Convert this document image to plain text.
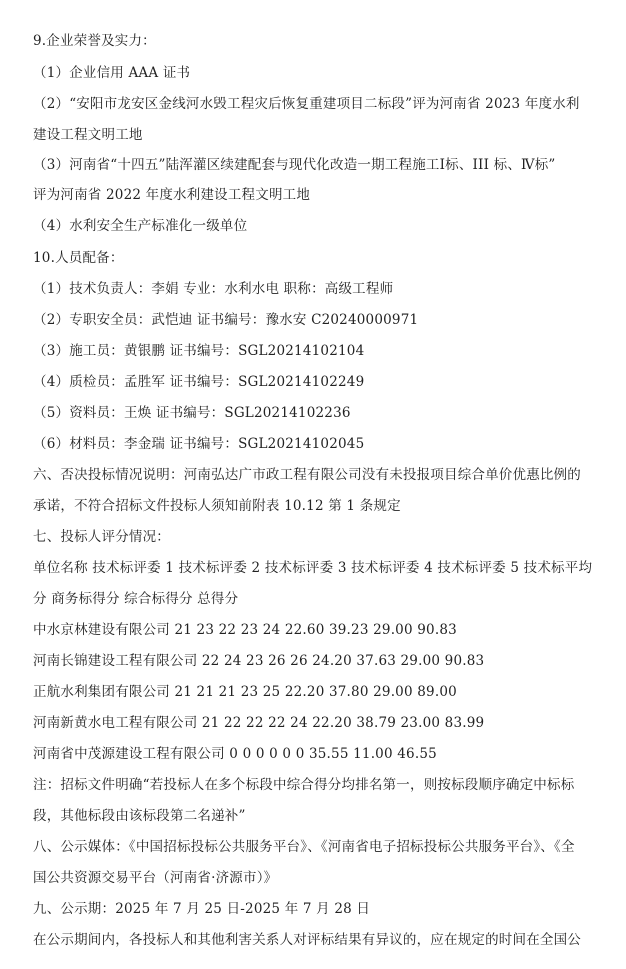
9.企业荣誉及实力：
（1）企业信用 AAA 证书
（2）“安阳市龙安区金线河水毁工程灾后恢复重建项目二标段”评为河南省 2023 年度水利
建设工程文明工地
（3）河南省“十四五”陆浑灌区续建配套与现代化改造一期工程施工Ⅰ标、III 标、Ⅳ标”
评为河南省 2022 年度水利建设工程文明工地
（4）水利安全生产标准化一级单位
10.人员配备：
（1）技术负责人：李娟 专业：水利水电 职称：高级工程师
（2）专职安全员：武恺迪 证书编号：豫水安 C20240000971
（3）施工员：黄银鹏 证书编号：SGL20214102104
（4）质检员：孟胜军 证书编号：SGL20214102249
（5）资料员：王焕 证书编号：SGL20214102236
（6）材料员：李金瑞 证书编号：SGL20214102045
六、否决投标情况说明：河南弘达广市政工程有限公司没有未投报项目综合单价优惠比例的
承诺，不符合招标文件投标人须知前附表 10.12 第 1 条规定
七、投标人评分情况：
单位名称 技术标评委 1 技术标评委 2 技术标评委 3 技术标评委 4 技术标评委 5 技术标平均
分 商务标得分 综合标得分 总得分
中水京林建设有限公司 21 23 22 23 24 22.60 39.23 29.00 90.83
河南长锦建设工程有限公司 22 24 23 26 26 24.20 37.63 29.00 90.83
正航水利集团有限公司 21 21 21 23 25 22.20 37.80 29.00 89.00
河南新黄水电工程有限公司 21 22 22 22 24 22.20 38.79 23.00 83.99
河南省中茂源建设工程有限公司 0 0 0 0 0 0 35.55 11.00 46.55
注：招标文件明确“若投标人在多个标段中综合得分均排名第一，则按标段顺序确定中标标
段，其他标段由该标段第二名递补”
八、公示媒体：《中国招标投标公共服务平台》、《河南省电子招标投标公共服务平台》、《全
国公共资源交易平台（河南省·济源市）》
九、公示期：2025 年 7 月 25 日-2025 年 7 月 28 日
在公示期间内，各投标人和其他利害关系人对评标结果有异议的，应在规定的时间在全国公
